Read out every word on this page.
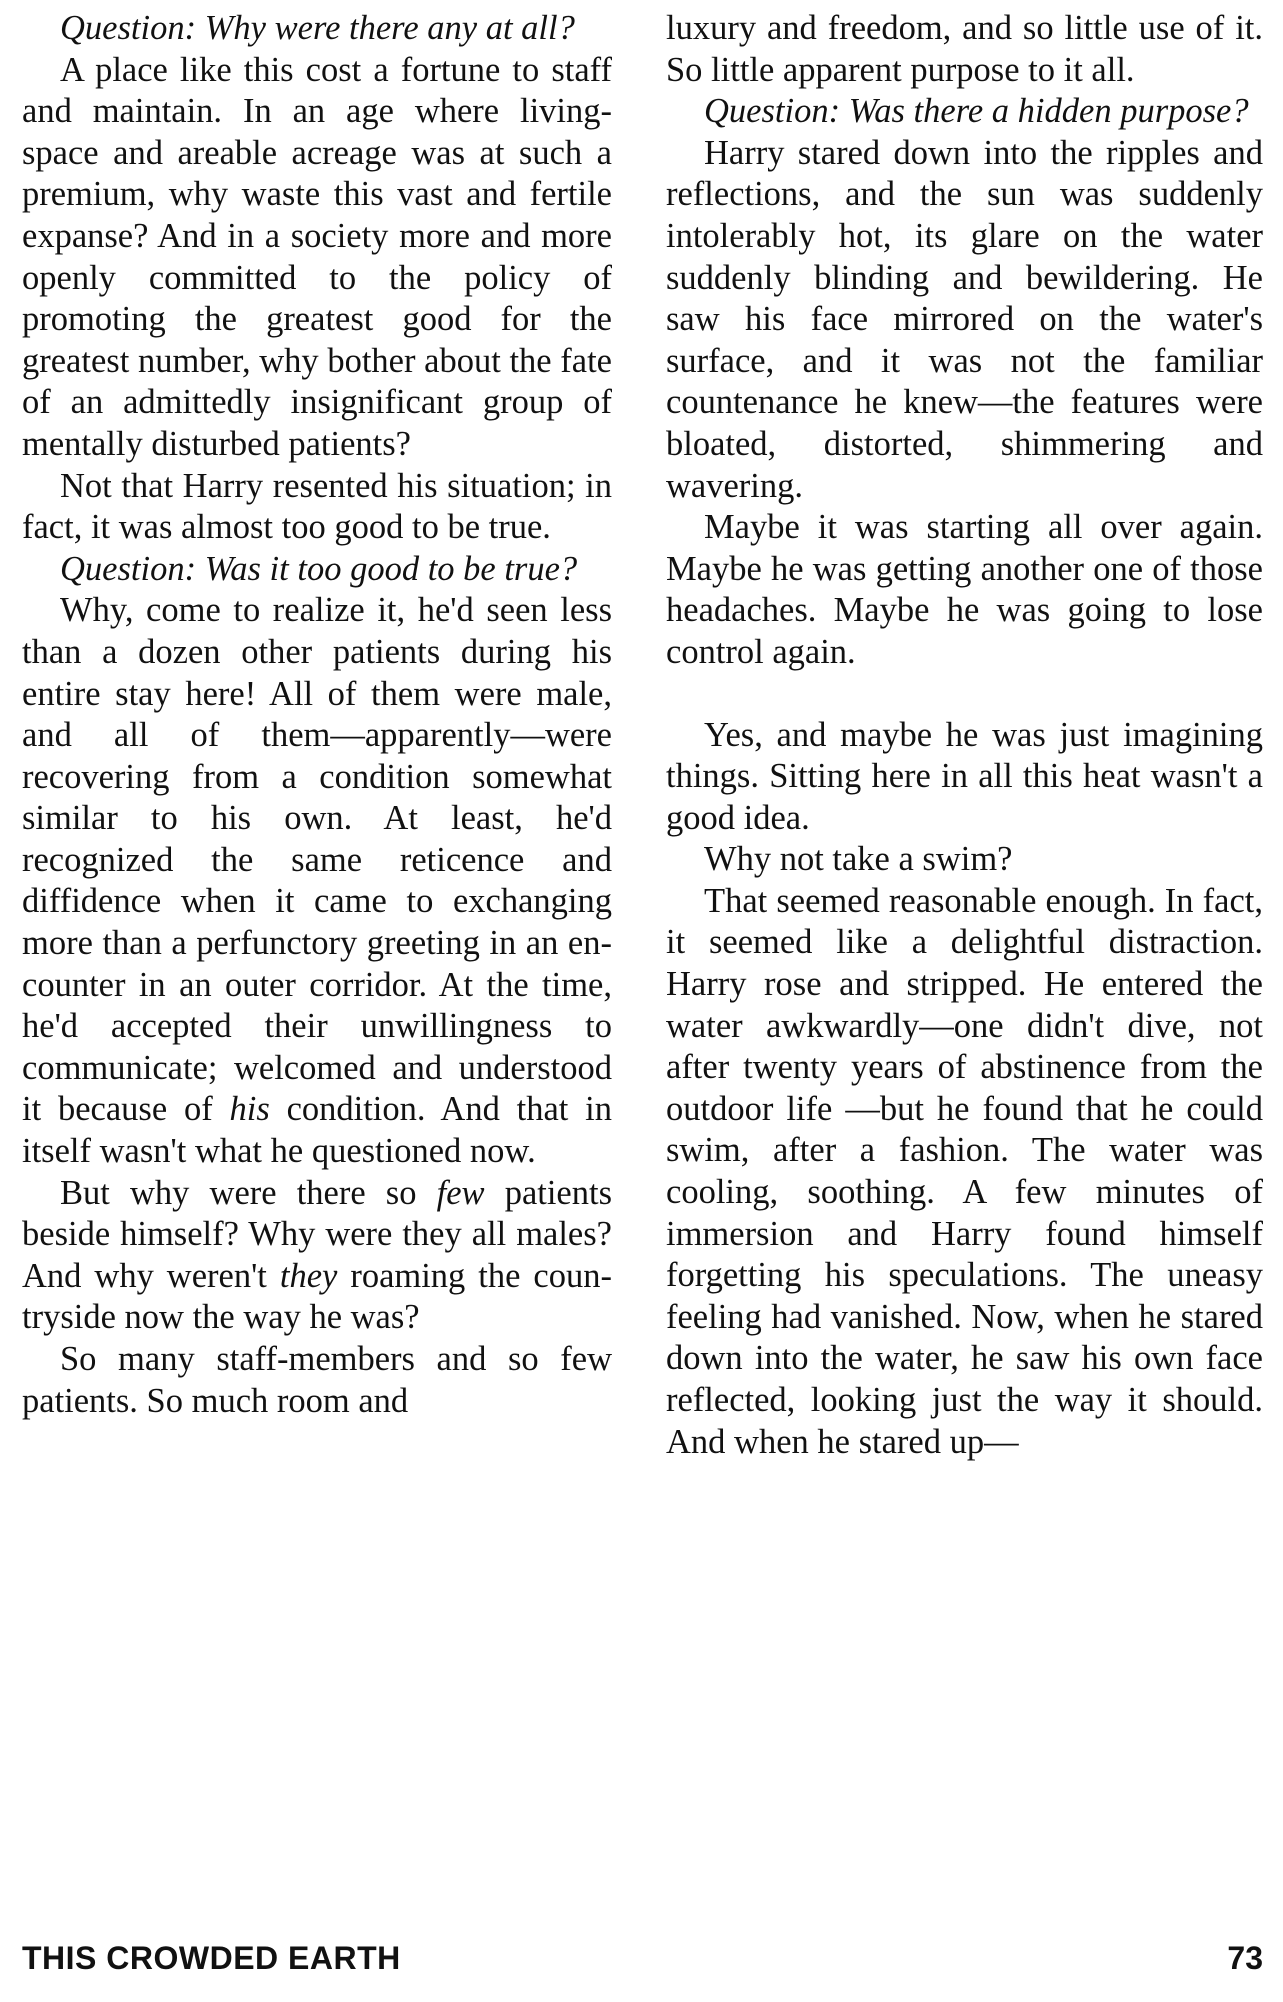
Question: Why were there any at all?

A place like this cost a fortune to staff and maintain. In an age where living-space and areable acreage was at such a premium, why waste this vast and fertile expanse? And in a society more and more openly committed to the policy of promoting the greatest good for the greatest number, why bother about the fate of an admittedly insignificant group of mentally disturbed patients?

Not that Harry resented his situation; in fact, it was almost too good to be true.

Question: Was it too good to be true?

Why, come to realize it, he'd seen less than a dozen other patients during his entire stay here! All of them were male, and all of them—apparently—were recovering from a condition somewhat similar to his own. At least, he'd recognized the same reticence and diffidence when it came to exchanging more than a perfunctory greeting in an encounter in an outer corridor. At the time, he'd accepted their unwillingness to communicate; welcomed and understood it because of his condition. And that in itself wasn't what he questioned now.

But why were there so few patients beside himself? Why were they all males? And why weren't they roaming the countryside now the way he was?

So many staff-members and so few patients. So much room and

luxury and freedom, and so little use of it. So little apparent purpose to it all.

Question: Was there a hidden purpose?

Harry stared down into the ripples and reflections, and the sun was suddenly intolerably hot, its glare on the water suddenly blinding and bewildering. He saw his face mirrored on the water's surface, and it was not the familiar countenance he knew—the features were bloated, distorted, shimmering and wavering.

Maybe it was starting all over again. Maybe he was getting another one of those headaches. Maybe he was going to lose control again.

Yes, and maybe he was just imagining things. Sitting here in all this heat wasn't a good idea.

Why not take a swim?

That seemed reasonable enough. In fact, it seemed like a delightful distraction. Harry rose and stripped. He entered the water awkwardly—one didn't dive, not after twenty years of abstinence from the outdoor life —but he found that he could swim, after a fashion. The water was cooling, soothing. A few minutes of immersion and Harry found himself forgetting his speculations. The uneasy feeling had vanished. Now, when he stared down into the water, he saw his own face reflected, looking just the way it should. And when he stared up—

THIS CROWDED EARTH	73
